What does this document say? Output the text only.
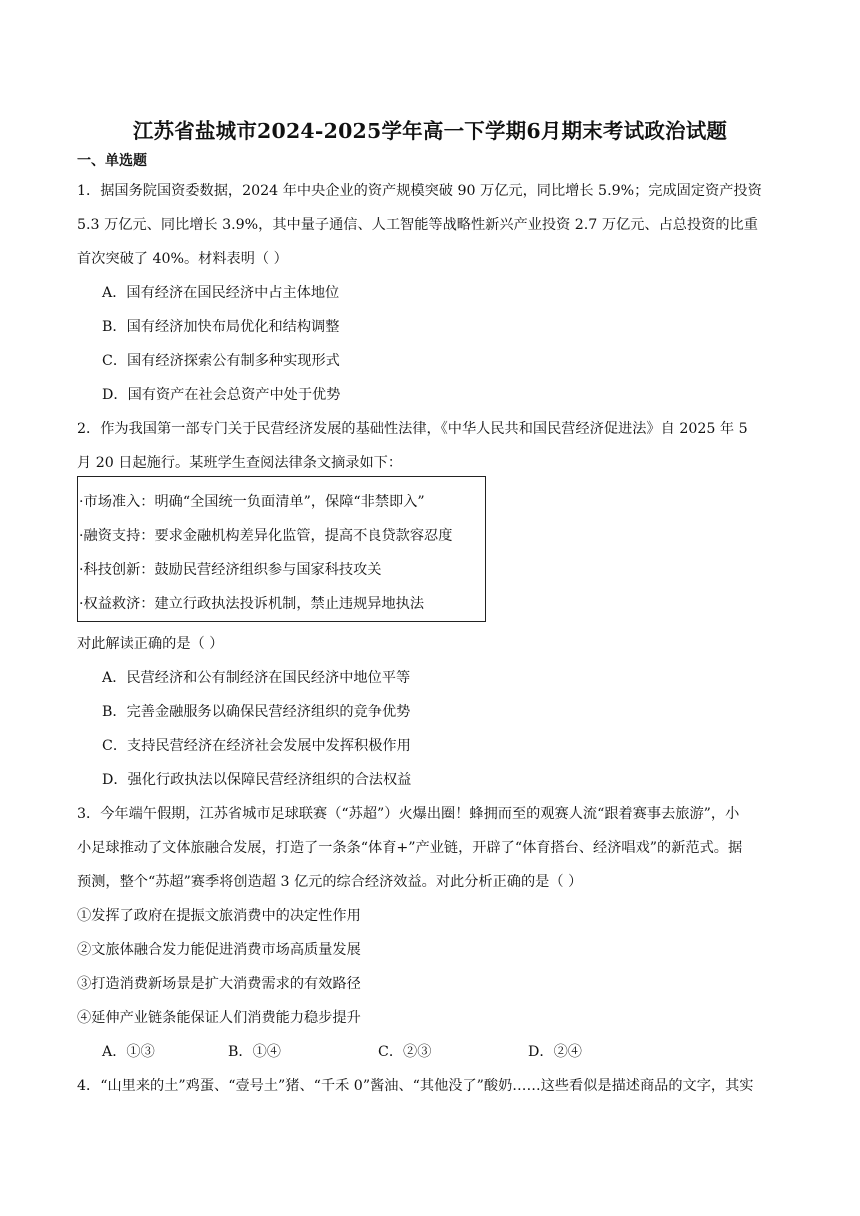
江苏省盐城市2024-2025学年高一下学期6月期末考试政治试题
一、单选题
1．据国务院国资委数据，2024 年中央企业的资产规模突破 90 万亿元，同比增长 5.9%；完成固定资产投资
5.3 万亿元、同比增长 3.9%，其中量子通信、人工智能等战略性新兴产业投资 2.7 万亿元、占总投资的比重
首次突破了 40%。材料表明（ ）
A．国有经济在国民经济中占主体地位
B．国有经济加快布局优化和结构调整
C．国有经济探索公有制多种实现形式
D．国有资产在社会总资产中处于优势
2．作为我国第一部专门关于民营经济发展的基础性法律，《中华人民共和国民营经济促进法》自 2025 年 5
月 20 日起施行。某班学生查阅法律条文摘录如下：
·市场准入：明确“全国统一负面清单”，保障“非禁即入”
·融资支持：要求金融机构差异化监管，提高不良贷款容忍度
·科技创新：鼓励民营经济组织参与国家科技攻关
·权益救济：建立行政执法投诉机制，禁止违规异地执法
对此解读正确的是（ ）
A．民营经济和公有制经济在国民经济中地位平等
B．完善金融服务以确保民营经济组织的竞争优势
C．支持民营经济在经济社会发展中发挥积极作用
D．强化行政执法以保障民营经济组织的合法权益
3．今年端午假期，江苏省城市足球联赛（“苏超”）火爆出圈！蜂拥而至的观赛人流“跟着赛事去旅游”，小
小足球推动了文体旅融合发展，打造了一条条“体育+”产业链，开辟了“体育搭台、经济唱戏”的新范式。据
预测，整个“苏超”赛季将创造超 3 亿元的综合经济效益。对此分析正确的是（ ）
①发挥了政府在提振文旅消费中的决定性作用
②文旅体融合发力能促进消费市场高质量发展
③打造消费新场景是扩大消费需求的有效路径
④延伸产业链条能保证人们消费能力稳步提升
A．①③	B．①④	C．②③	D．②④
4．“山里来的土”鸡蛋、“壹号土”猪、“千禾 0”酱油、“其他没了”酸奶……这些看似是描述商品的文字，其实
